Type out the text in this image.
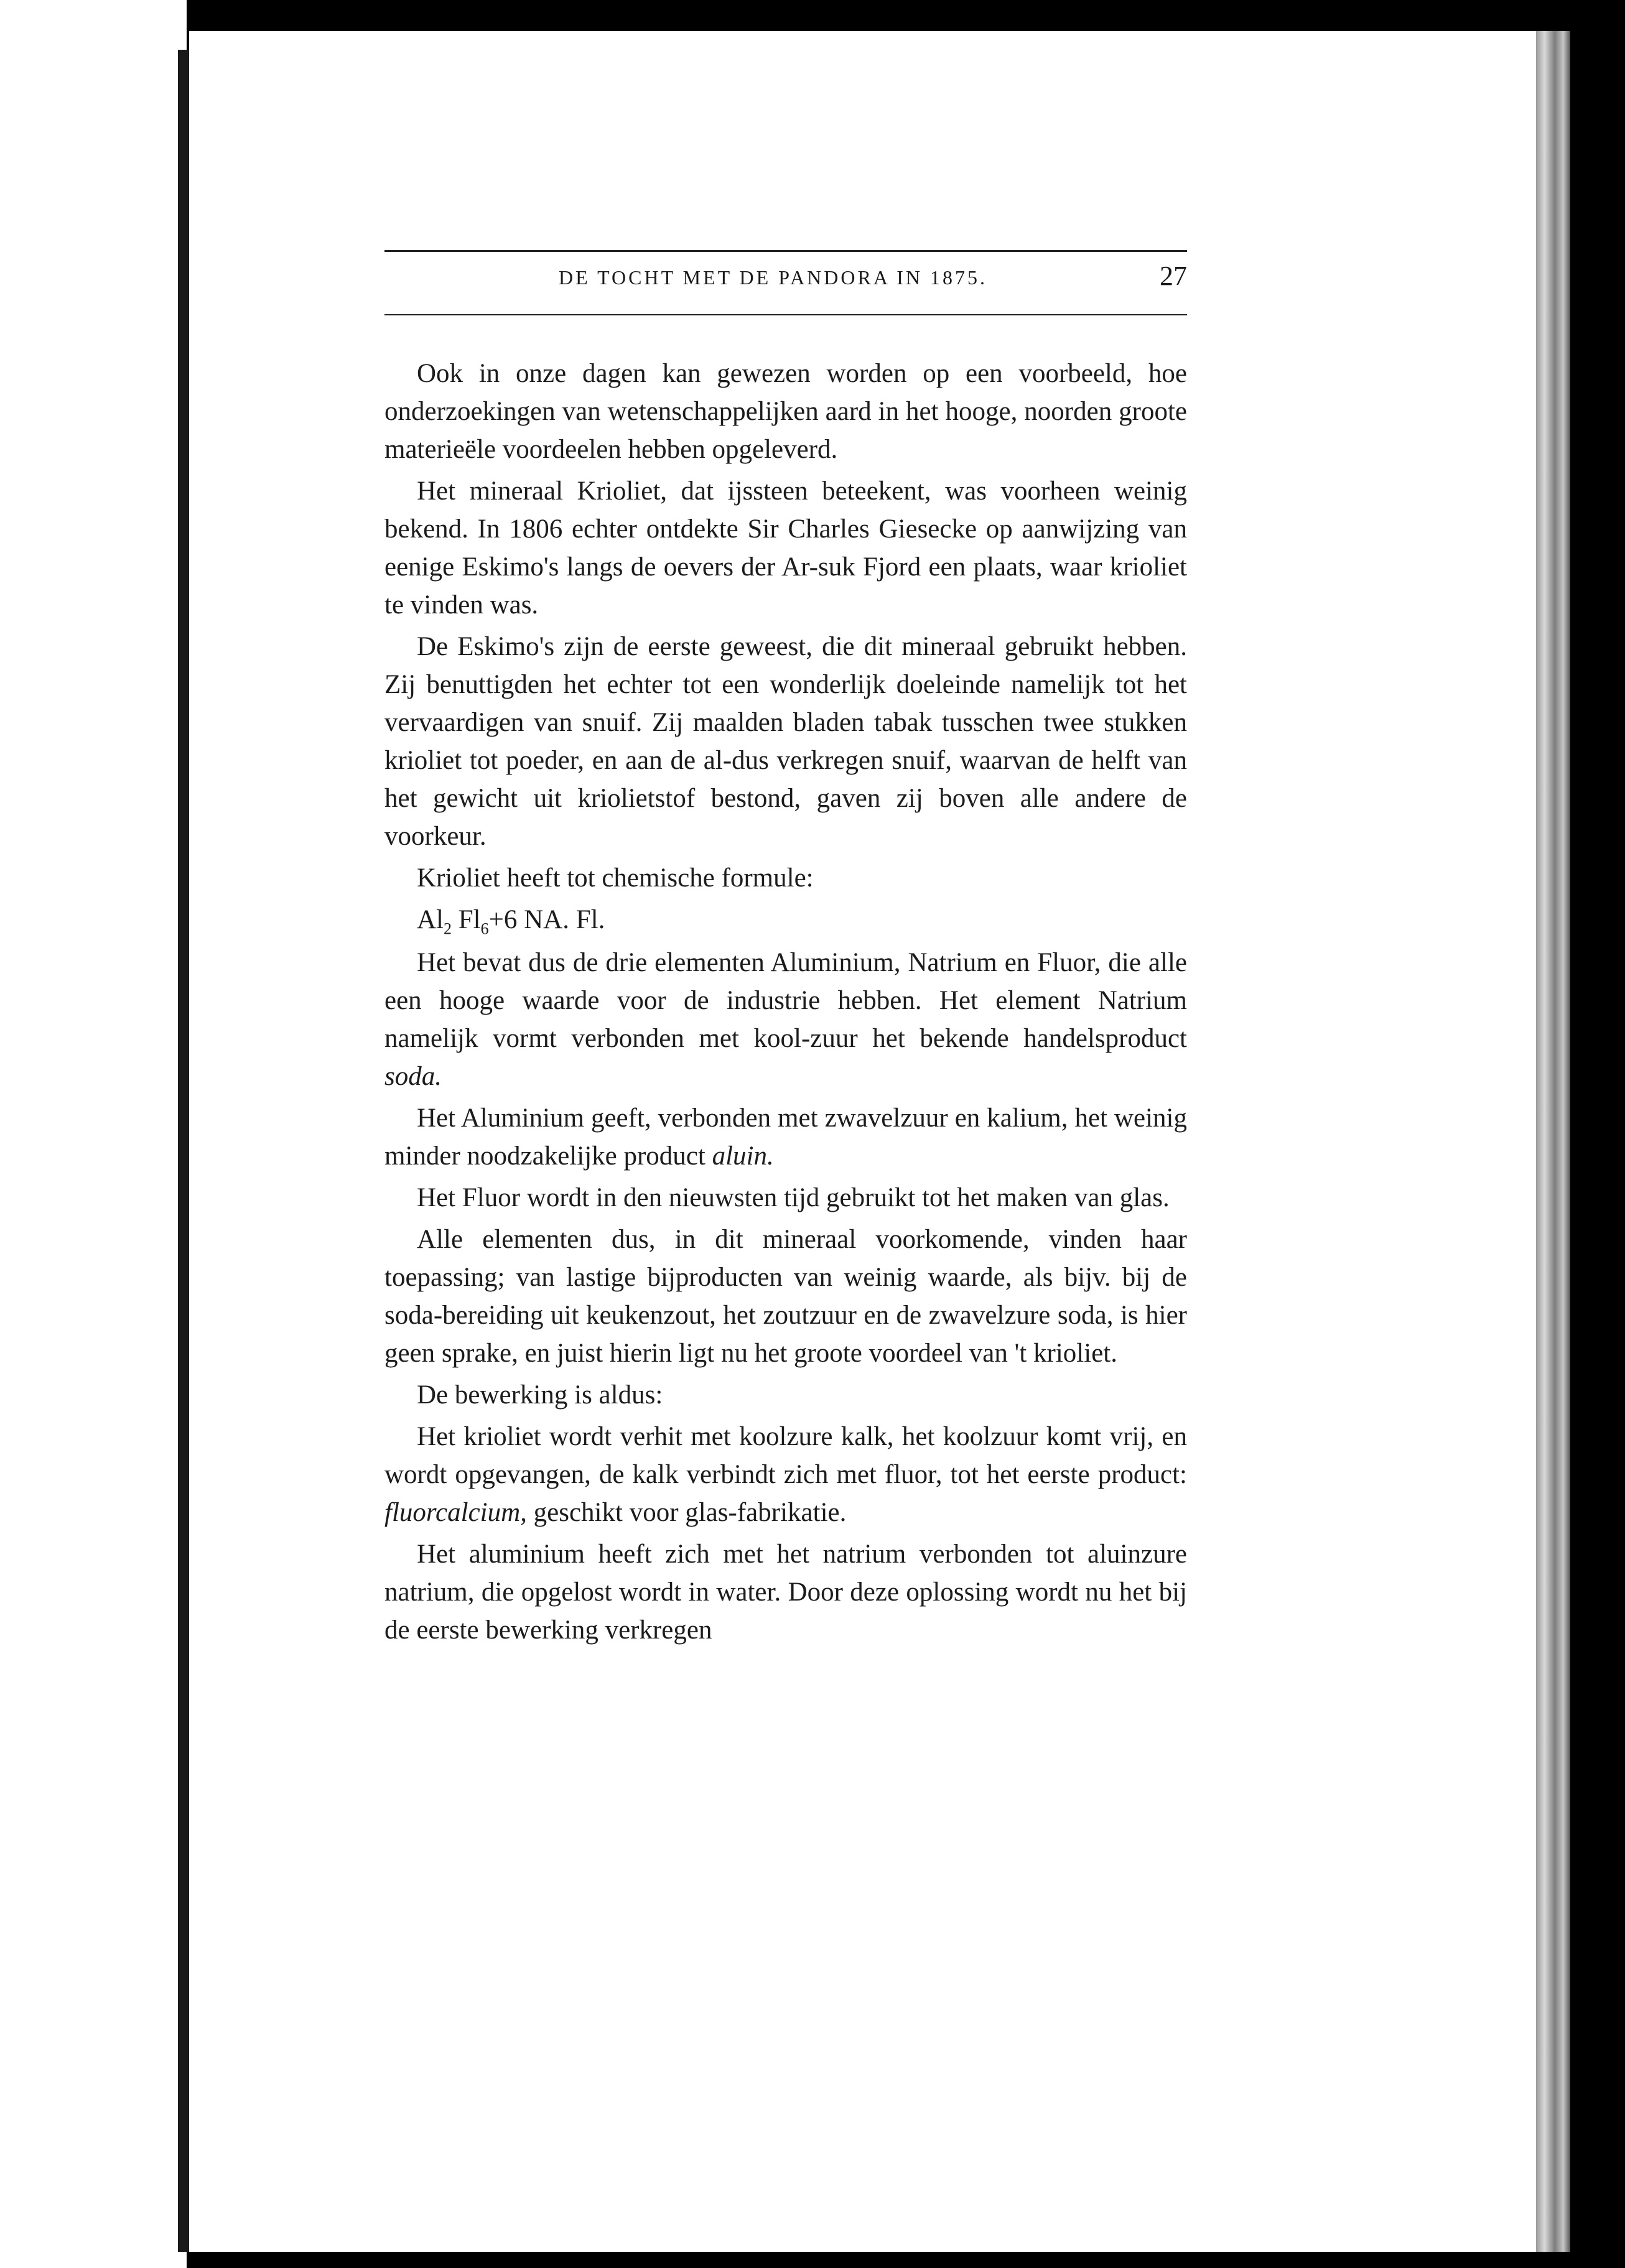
DE TOCHT MET DE PANDORA IN 1875.	27

Ook in onze dagen kan gewezen worden op een voorbeeld, hoe onderzoekingen van wetenschappelijken aard in het hooge, noorden groote materieële voordeelen hebben opgeleverd.

Het mineraal Krioliet, dat ijssteen beteekent, was voorheen weinig bekend. In 1806 echter ontdekte Sir Charles Giesecke op aanwijzing van eenige Eskimo's langs de oevers der Ar-suk Fjord een plaats, waar krioliet te vinden was.

De Eskimo's zijn de eerste geweest, die dit mineraal gebruikt hebben. Zij benuttigden het echter tot een wonderlijk doeleinde namelijk tot het vervaardigen van snuif. Zij maalden bladen tabak tusschen twee stukken krioliet tot poeder, en aan de al-dus verkregen snuif, waarvan de helft van het gewicht uit kriolietstof bestond, gaven zij boven alle andere de voorkeur.

Krioliet heeft tot chemische formule:

$Al_2$ $Fl_6+6$ NA. Fl.

Het bevat dus de drie elementen Aluminium, Natrium en Fluor, die alle een hooge waarde voor de industrie hebben. Het element Natrium namelijk vormt verbonden met kool-zuur het bekende handelsproduct soda.

Het Aluminium geeft, verbonden met zwavelzuur en kalium, het weinig minder noodzakelijke product aluin.

Het Fluor wordt in den nieuwsten tijd gebruikt tot het maken van glas.

Alle elementen dus, in dit mineraal voorkomende, vinden haar toepassing; van lastige bijproducten van weinig waarde, als bijv. bij de soda-bereiding uit keukenzout, het zoutzuur en de zwavelzure soda, is hier geen sprake, en juist hierin ligt nu het groote voordeel van 't krioliet.

De bewerking is aldus:

Het krioliet wordt verhit met koolzure kalk, het koolzuur komt vrij, en wordt opgevangen, de kalk verbindt zich met fluor, tot het eerste product: fluorcalcium, geschikt voor glas-fabrikatie.

Het aluminium heeft zich met het natrium verbonden tot aluinzure natrium, die opgelost wordt in water. Door deze oplossing wordt nu het bij de eerste bewerking verkregen
